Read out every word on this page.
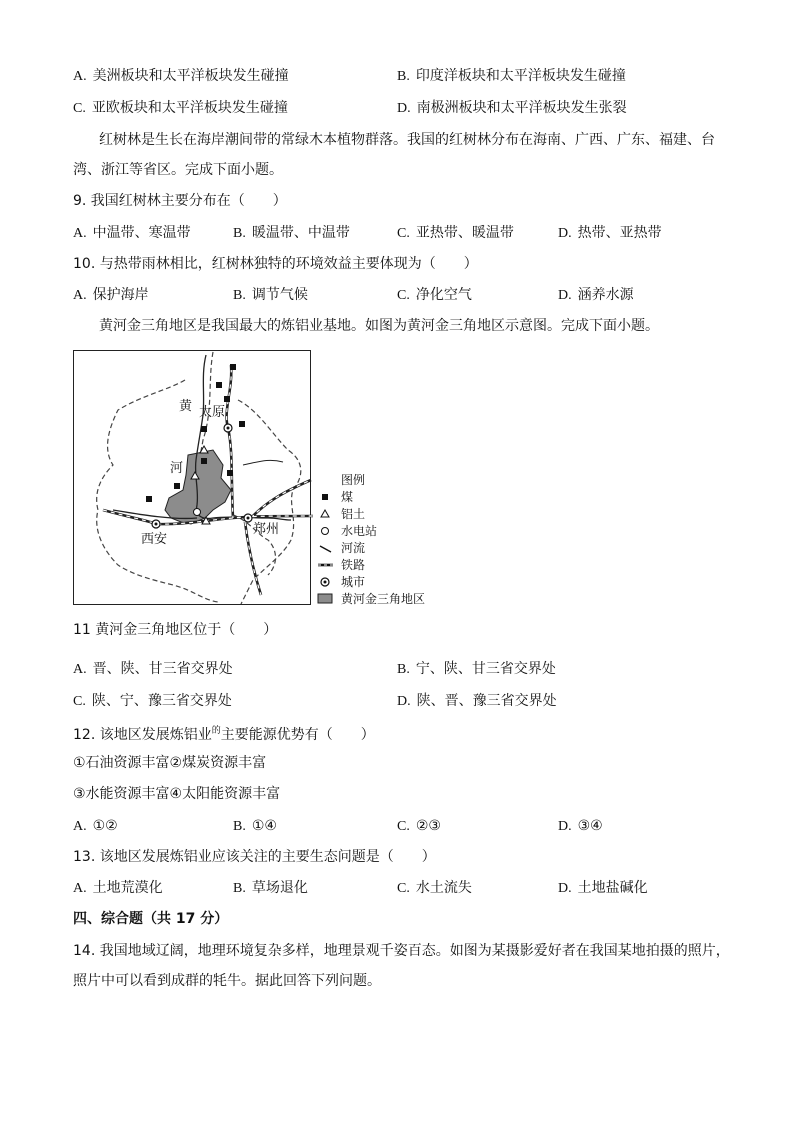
A. 美洲板块和太平洋板块发生碰撞	B. 印度洋板块和太平洋板块发生碰撞
C. 亚欧板块和太平洋板块发生碰撞	D. 南极洲板块和太平洋板块发生张裂
红树林是生长在海岸潮间带的常绿木本植物群落。我国的红树林分布在海南、广西、广东、福建、台
湾、浙江等省区。完成下面小题。
9. 我国红树林主要分布在（　　）
A. 中温带、寒温带	B. 暖温带、中温带	C. 亚热带、暖温带	D. 热带、亚热带
10. 与热带雨林相比，红树林独特的环境效益主要体现为（　　）
A. 保护海岸	B. 调节气候	C. 净化空气	D. 涵养水源
黄河金三角地区是我国最大的炼铝业基地。如图为黄河金三角地区示意图。完成下面小题。
黄 太原
河
西安
郑州
图例
煤
铝土
水电站
河流
铁路
城市
黄河金三角地区
11 黄河金三角地区位于（　　）
A. 晋、陕、甘三省交界处	B. 宁、陕、甘三省交界处
C. 陕、宁、豫三省交界处	D. 陕、晋、豫三省交界处
12. 该地区发展炼铝业$^的$主要能源优势有（　　）
①石油资源丰富②煤炭资源丰富
③水能资源丰富④太阳能资源丰富
A. ①②	B. ①④	C. ②③	D. ③④
13. 该地区发展炼铝业应该关注的主要生态问题是（　　）
A. 土地荒漠化	B. 草场退化	C. 水土流失	D. 土地盐碱化
四、综合题（共 17 分）
14. 我国地域辽阔，地理环境复杂多样，地理景观千姿百态。如图为某摄影爱好者在我国某地拍摄的照片，
照片中可以看到成群的牦牛。据此回答下列问题。
